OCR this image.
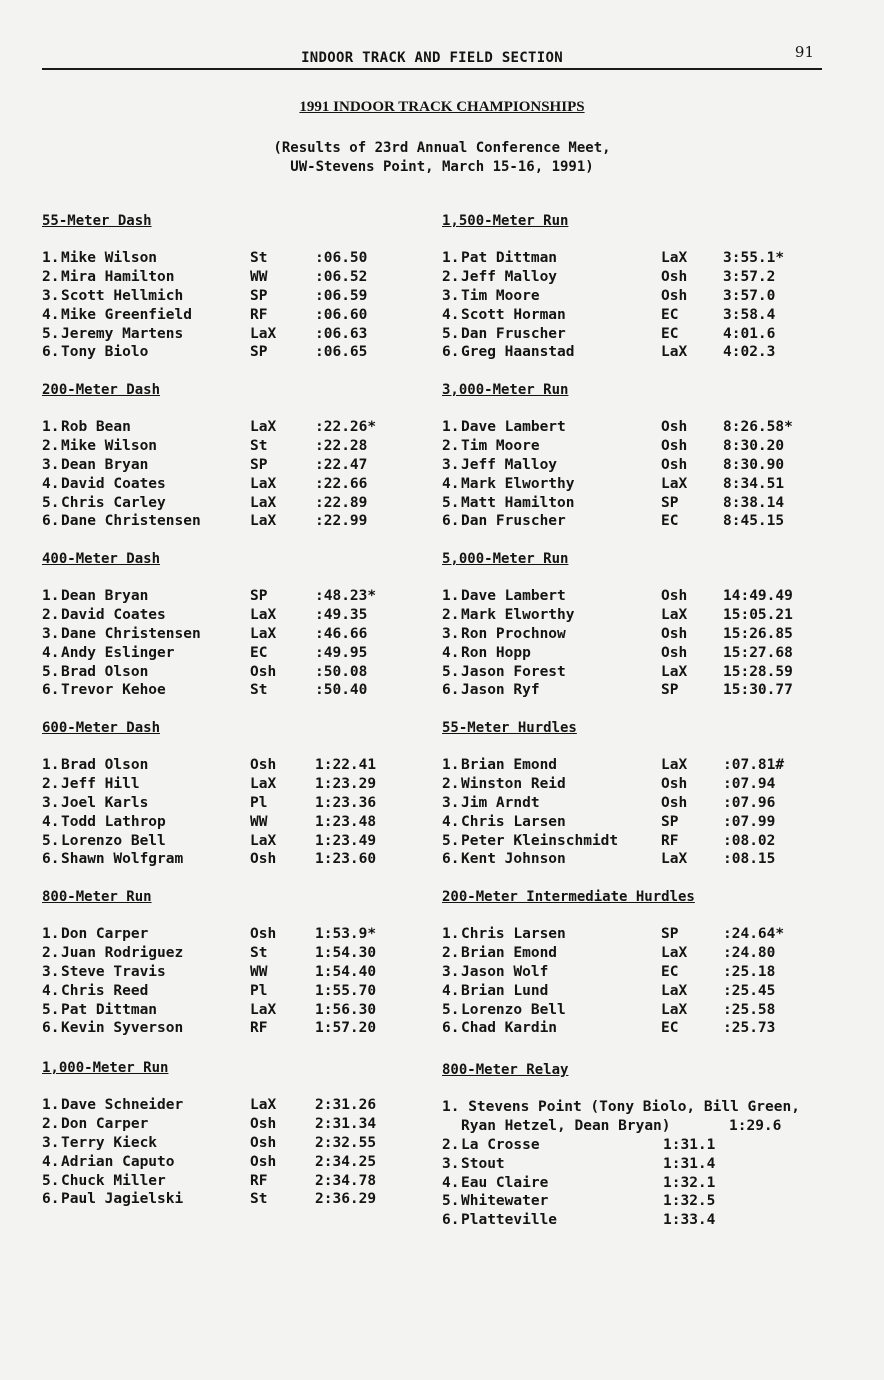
INDOOR TRACK AND FIELD SECTION	91
1991 INDOOR TRACK CHAMPIONSHIPS
(Results of 23rd Annual Conference Meet,
UW-Stevens Point, March 15-16, 1991)
55-Meter Dash
1. Mike Wilson	St	:06.50
2. Mira Hamilton	WW	:06.52
3. Scott Hellmich	SP	:06.59
4. Mike Greenfield	RF	:06.60
5. Jeremy Martens	LaX	:06.63
6. Tony Biolo	SP	:06.65
200-Meter Dash
1. Rob Bean	LaX	:22.26*
2. Mike Wilson	St	:22.28
3. Dean Bryan	SP	:22.47
4. David Coates	LaX	:22.66
5. Chris Carley	LaX	:22.89
6. Dane Christensen	LaX	:22.99
400-Meter Dash
1. Dean Bryan	SP	:48.23*
2. David Coates	LaX	:49.35
3. Dane Christensen	LaX	:46.66
4. Andy Eslinger	EC	:49.95
5. Brad Olson	Osh	:50.08
6. Trevor Kehoe	St	:50.40
600-Meter Dash
1. Brad Olson	Osh	1:22.41
2. Jeff Hill	LaX	1:23.29
3. Joel Karls	Pl	1:23.36
4. Todd Lathrop	WW	1:23.48
5. Lorenzo Bell	LaX	1:23.49
6. Shawn Wolfgram	Osh	1:23.60
800-Meter Run
1. Don Carper	Osh	1:53.9*
2. Juan Rodriguez	St	1:54.30
3. Steve Travis	WW	1:54.40
4. Chris Reed	Pl	1:55.70
5. Pat Dittman	LaX	1:56.30
6. Kevin Syverson	RF	1:57.20
1,000-Meter Run
1. Dave Schneider	LaX	2:31.26
2. Don Carper	Osh	2:31.34
3. Terry Kieck	Osh	2:32.55
4. Adrian Caputo	Osh	2:34.25
5. Chuck Miller	RF	2:34.78
6. Paul Jagielski	St	2:36.29
1,500-Meter Run
1. Pat Dittman	LaX 3:55.1*
2. Jeff Malloy	Osh 3:57.2
3. Tim Moore	Osh 3:57.0
4. Scott Horman	EC	3:58.4
5. Dan Fruscher	EC	4:01.6
6. Greg Haanstad	LaX 4:02.3
3,000-Meter Run
1. Dave Lambert	Osh 8:26.58*
2. Tim Moore	Osh 8:30.20
3. Jeff Malloy	Osh 8:30.90
4. Mark Elworthy	LaX 8:34.51
5. Matt Hamilton	SP	8:38.14
6. Dan Fruscher	EC	8:45.15
5,000-Meter Run
1. Dave Lambert	Osh 14:49.49
2. Mark Elworthy	LaX 15:05.21
3. Ron Prochnow	Osh 15:26.85
4. Ron Hopp	Osh 15:27.68
5. Jason Forest	LaX 15:28.59
6. Jason Ryf	SP	15:30.77
55-Meter Hurdles
1. Brian Emond	LaX :07.81#
2. Winston Reid	Osh :07.94
3. Jim Arndt	Osh :07.96
4. Chris Larsen	SP	:07.99
5. Peter Kleinschmidt	RF	:08.02
6. Kent Johnson	LaX :08.15
200-Meter Intermediate Hurdles
1. Chris Larsen	SP	:24.64*
2. Brian Emond	LaX :24.80
3. Jason Wolf	EC	:25.18
4. Brian Lund	LaX :25.45
5. Lorenzo Bell	LaX :25.58
6. Chad Kardin	EC	:25.73
800-Meter Relay
1. Stevens Point (Tony Biolo, Bill Green,
Ryan Hetzel, Dean Bryan)	1:29.6
2. La Crosse	1:31.1
3. Stout	1:31.4
4. Eau Claire	1:32.1
5. Whitewater	1:32.5
6. Platteville	1:33.4
